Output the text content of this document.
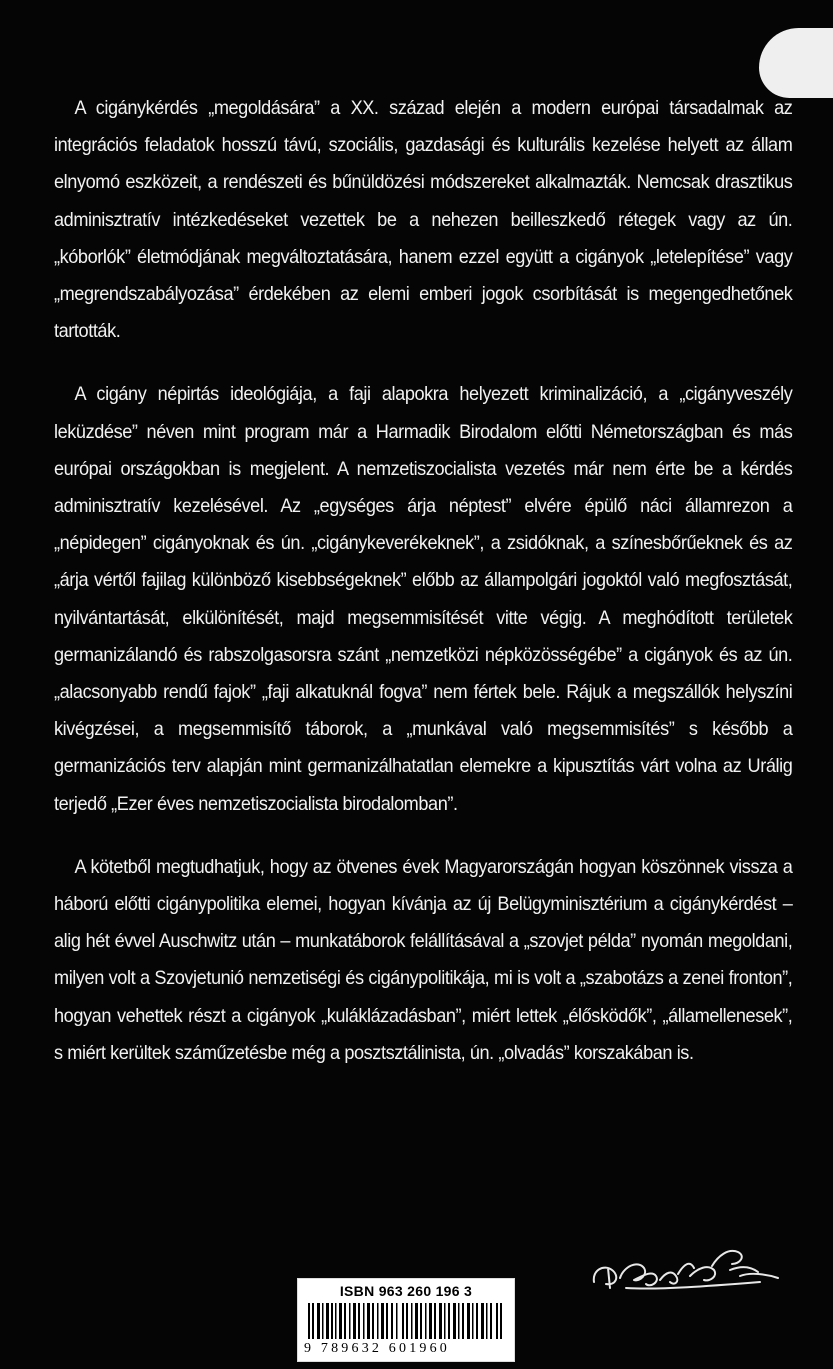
A cigánykérdés „megoldására” a XX. század elején a modern európai társadalmak az integrációs feladatok hosszú távú, szociális, gazdasági és kulturális kezelése helyett az állam elnyomó eszközeit, a rendészeti és bűnüldözési módszereket alkalmazták. Nemcsak drasztikus adminisztratív intézkedéseket vezettek be a nehezen beilleszkedő rétegek vagy az ún. „kóborlók” életmódjának megváltoztatására, hanem ezzel együtt a cigányok „letelepítése” vagy „megrendszabályozása” érdekében az elemi emberi jogok csorbítását is megengedhetőnek tartották.

A cigány népirtás ideológiája, a faji alapokra helyezett kriminalizáció, a „cigányveszély leküzdése” néven mint program már a Harmadik Birodalom előtti Németországban és más európai országokban is megjelent. A nemzetiszocialista vezetés már nem érte be a kérdés adminisztratív kezelésével. Az „egységes árja néptest” elvére épülő náci államrezon a „népidegen” cigányoknak és ún. „cigánykeverékeknek”, a zsidóknak, a színesbőrűeknek és az „árja vértől fajilag különböző kisebbségeknek” előbb az állampolgári jogoktól való megfosztását, nyilvántartását, elkülönítését, majd megsemmisítését vitte végig. A meghódított területek germanizálandó és rabszolgasorsra szánt „nemzetközi népközösségébe” a cigányok és az ún. „alacsonyabb rendű fajok” „faji alkatuknál fogva” nem fértek bele. Rájuk a megszállók helyszíni kivégzései, a megsemmisítő táborok, a „munkával való megsemmisítés” s később a germanizációs terv alapján mint germanizálhatatlan elemekre a kipusztítás várt volna az Urálig terjedő „Ezer éves nemzetiszocialista birodalomban”.

A kötetből megtudhatjuk, hogy az ötvenes évek Magyarországán hogyan köszönnek vissza a háború előtti cigánypolitika elemei, hogyan kívánja az új Belügyminisztérium a cigánykérdést – alig hét évvel Auschwitz után – munkatáborok felállításával a „szovjet példa” nyomán megoldani, milyen volt a Szovjetunió nemzetiségi és cigánypolitikája, mi is volt a „szabotázs a zenei fronton”, hogyan vehettek részt a cigányok „kuláklázadásban”, miért lettek „élősködők”, „államellenesek”, s miért kerültek száműzetésbe még a posztsztálinista, ún. „olvadás” korszakában is.

ISBN 963 260 196 3
9 789632 601960
